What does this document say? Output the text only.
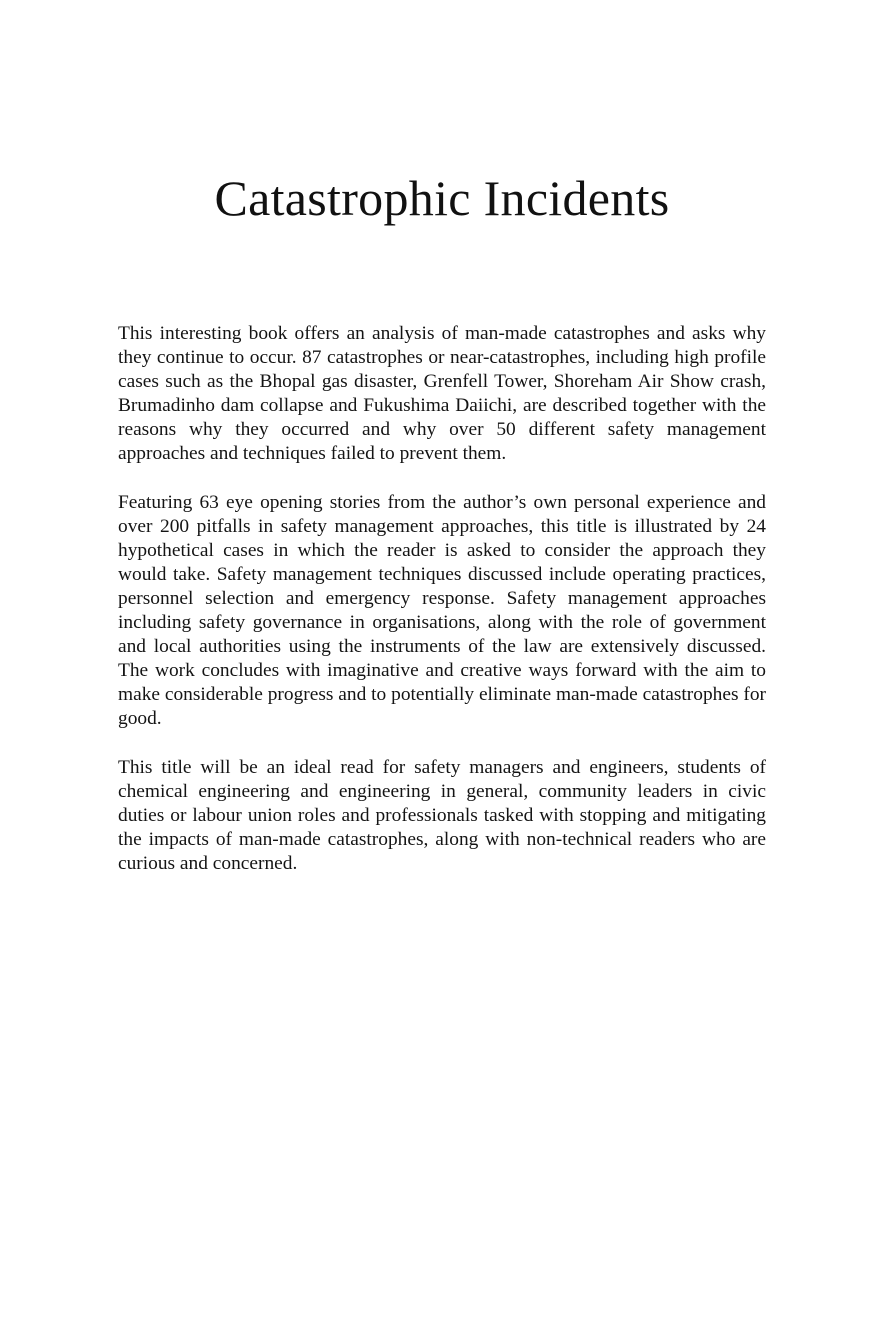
Catastrophic Incidents

This interesting book offers an analysis of man-made catastrophes and asks why they continue to occur. 87 catastrophes or near-catastrophes, including high profile cases such as the Bhopal gas disaster, Grenfell Tower, Shoreham Air Show crash, Brumadinho dam collapse and Fukushima Daiichi, are described together with the reasons why they occurred and why over 50 different safety management approaches and techniques failed to prevent them.

Featuring 63 eye opening stories from the author’s own personal experience and over 200 pitfalls in safety management approaches, this title is illustrated by 24 hypothetical cases in which the reader is asked to consider the approach they would take. Safety management techniques discussed include operating practices, personnel selection and emergency response. Safety management approaches including safety governance in organisations, along with the role of government and local authorities using the instruments of the law are extensively discussed. The work concludes with imaginative and creative ways forward with the aim to make considerable progress and to potentially eliminate man-made catastrophes for good.

This title will be an ideal read for safety managers and engineers, students of chemical engineering and engineering in general, community leaders in civic duties or labour union roles and professionals tasked with stopping and mitigating the impacts of man-made catastrophes, along with non-technical readers who are curious and concerned.
